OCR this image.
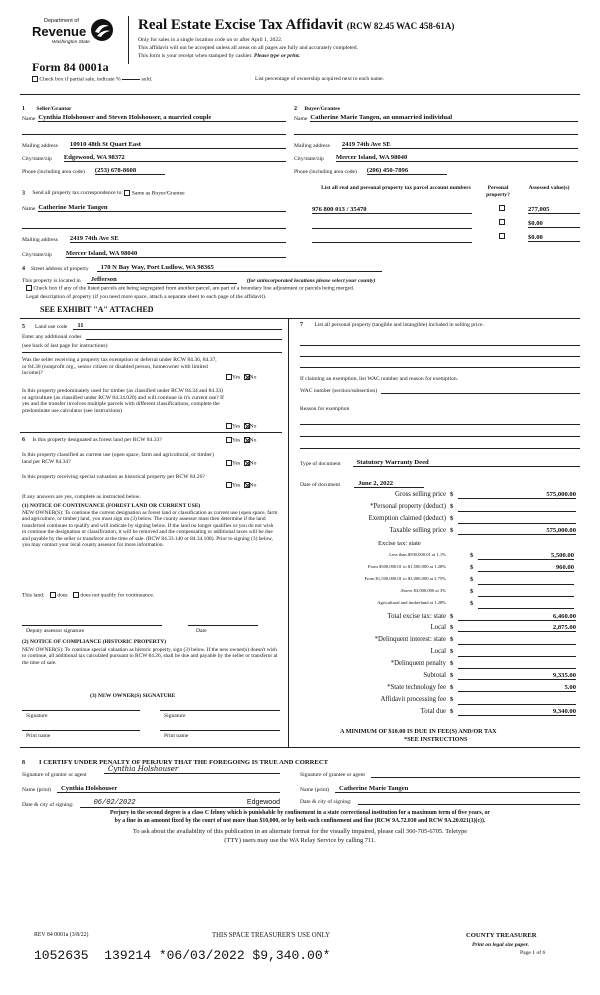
Department of
Revenue
Washington State
Form 84 0001a
Check box if partial sale, indicate %	sold.	List percentage of ownership acquired next to each name.
Real Estate Excise Tax Affidavit (RCW 82.45 WAC 458-61A)
Only for sales in a single location code on or after April 1, 2022.
This affidavit will not be accepted unless all areas on all pages are fully and accurately completed.
This form is your receipt when stamped by cashier. Please type or print.
1 Seller/Grantor
Name Cynthia Holshouser and Steven Holshouser, a married couple
Mailing address 10910 48th St Quart East
City/state/zip Edgewood, WA 98372
Phone (including area code) (253) 678-8608
2 Buyer/Grantee
Name Catherine Marie Tangen, an unmarried individual
Mailing address 2419 74th Ave SE
City/state/zip Mercer Island, WA 98040
Phone (including area code) (206) 450-7896
3 Send all property tax correspondence to: Same as Buyer/Grantee
Name Catherine Marie Tangen
Mailing address 2419 74th Ave SE
City/state/zip Mercer Island, WA 98040
List all real and personal property tax parcel account numbers	Personal property?
Assessed value(s)
976 800 013 / 35470	277,005
$0.00
$0.00
4 Street address of property	170 N Bay Way, Port Ludlow, WA 98365
This property is located in	Jefferson	(for unincorporated locations please select your county)
Check box if any of the listed parcels are being segregated from another parcel, are part of a boundary line adjustment or parcels being merged.
Legal description of property (if you need more space, attach a separate sheet to each page of the affidavit).
SEE EXHIBIT "A" ATTACHED
5 Land use code	11
Enter any additional codes
(see back of last page for instructions)
Was the seller receiving a property tax exemption or deferral under RCW 84.36, 84.37, or 84.38 (nonprofit org., senior citizen or disabled person, homeowner with limited income)?
Yes No
Is this property predominately used for timber (as classified under RCW 84.34 and 84.33) or agriculture (as classified under RCW 84.34.020) and will continue in it's current use? If yes and the transfer involves multiple parcels with different classifications, complete the predominate use calculator (see instructions)
Yes No
6 Is this property designated as forest land per RCW 84.33?	Yes No
Is this property classified as current use (open space, farm and agricultural, or timber) land per RCW 84.34?	Yes No
Is this property receiving special valuation as historical property per RCW 84.26?
Yes No
If any answers are yes, complete as instructed below.
(1) NOTICE OF CONTINUANCE (FOREST LAND OR CURRENT USE)
NEW OWNER(S): To continue the current designation as forest land or classification as current use (open space, farm and agriculture, or timber) land, you must sign on (3) below. The county assessor must then determine if the land transferred continues to qualify and will indicate by signing below. If the land no longer qualifies or you do not wish to continue the designation or classification, it will be removed and the compensating or additional taxes will be due and payable by the seller or transferor at the time of sale. (RCW 84.33.140 or 84.34.108). Prior to signing (3) below, you may contact your local county assessor for more information.
This land: does does not qualify for continuance.
Deputy assessor signature	Date
(2) NOTICE OF COMPLIANCE (HISTORIC PROPERTY)
NEW OWNER(S): To continue special valuation as historic property, sign (3) below. If the new owner(s) doesn't wish to continue, all additional tax calculated pursuant to RCW 84.26, shall be due and payable by the seller or transferor at the time of sale.
(3) NEW OWNER(S) SIGNATURE
Signature	Signature
Print name	Print name
7 List all personal property (tangible and intangible) included in selling price.
If claiming an exemption, list WAC number and reason for exemption.
WAC number (section/subsection)
Reason for exemption
Type of document	Statutory Warranty Deed
Date of document	June 2, 2022
Gross selling price $	575,000.00
*Personal property (deduct) $
Exemption claimed (deduct) $
Taxable selling price $	575,000.00
Excise tax: state
Less than $500,000.01 at 1.1%	$	5,500.00
From $500,000.01 to $1,500,000 at 1.28%	$	960.00
From $1,500,000.01 to $3,000,000 at 2.75%	$
Above $3,000,000 at 3%	$
Agricultural and timberland at 1.28%	$
Total excise tax: state $	6,460.00
Local $	2,875.00
*Delinquent interest: state $
Local $
*Delinquent penalty $
Subtotal $	9,335.00
*State technology fee $	5.00
Affidavit processing fee $
Total due $	9,340.00
A MINIMUM OF $10.00 IS DUE IN FEE(S) AND/OR TAX
*SEE INSTRUCTIONS
8 I CERTIFY UNDER PENALTY OF PERJURY THAT THE FOREGOING IS TRUE AND CORRECT
Signature of grantor or agent
Cynthia Holshouser
Name (print)	Cynthia Holshouser
Date & city of signing:	06/02/2022	Edgewood
Signature of grantee or agent
Name (print)	Catherine Marie Tangen
Date & city of signing:
Perjury in the second degree is a class C felony which is punishable by confinement in a state correctional institution for a maximum term of five years, or
by a fine in an amount fixed by the court of not more than $10,000, or by both such confinement and fine (RCW 9A.72.030 and RCW 9A.20.021(1)(c)).
To ask about the availability of this publication in an alternate format for the visually impaired, please call 360-705-6705. Teletype
(TTY) users may use the WA Relay Service by calling 711.
REV 84 0001a (3/8/22)	THIS SPACE TREASURER'S USE ONLY	COUNTY TREASURER
Print on legal size paper.
Page 1 of 6
1052635  139214 *06/03/2022 $9,340.00*
